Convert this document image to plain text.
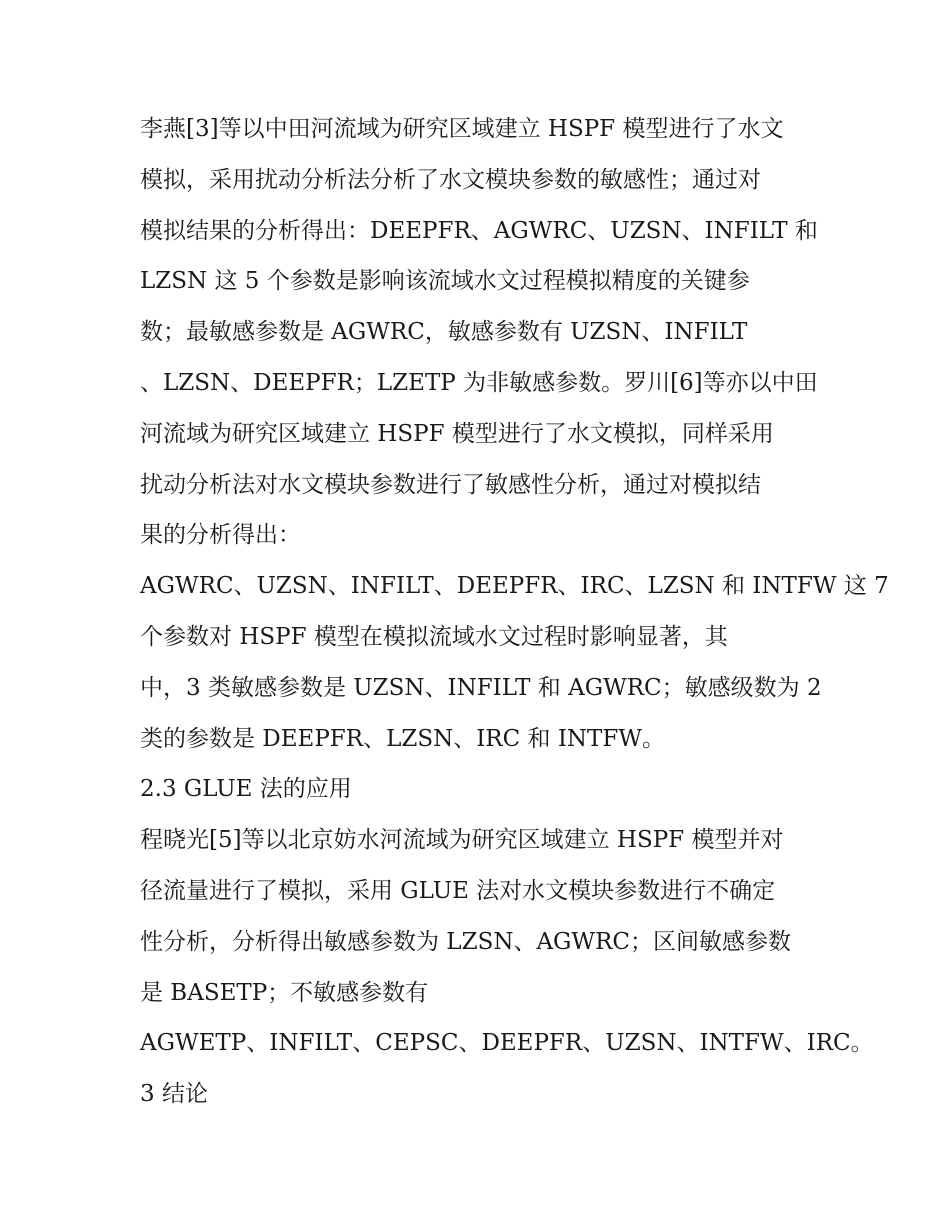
李燕[3]等以中田河流域为研究区域建立 HSPF 模型进行了水文
模拟，采用扰动分析法分析了水文模块参数的敏感性；通过对
模拟结果的分析得出：DEEPFR、AGWRC、UZSN、INFILT 和
LZSN 这 5 个参数是影响该流域水文过程模拟精度的关键参
数；最敏感参数是 AGWRC，敏感参数有 UZSN、INFILT
、LZSN、DEEPFR；LZETP 为非敏感参数。罗川[6]等亦以中田
河流域为研究区域建立 HSPF 模型进行了水文模拟，同样采用
扰动分析法对水文模块参数进行了敏感性分析，通过对模拟结
果的分析得出：
AGWRC、UZSN、INFILT、DEEPFR、IRC、LZSN 和 INTFW 这 7
个参数对 HSPF 模型在模拟流域水文过程时影响显著，其
中，3 类敏感参数是 UZSN、INFILT 和 AGWRC；敏感级数为 2
类的参数是 DEEPFR、LZSN、IRC 和 INTFW。
2.3 GLUE 法的应用
程晓光[5]等以北京妨水河流域为研究区域建立 HSPF 模型并对
径流量进行了模拟，采用 GLUE 法对水文模块参数进行不确定
性分析，分析得出敏感参数为 LZSN、AGWRC；区间敏感参数
是 BASETP；不敏感参数有
AGWETP、INFILT、CEPSC、DEEPFR、UZSN、INTFW、IRC。
3 结论
